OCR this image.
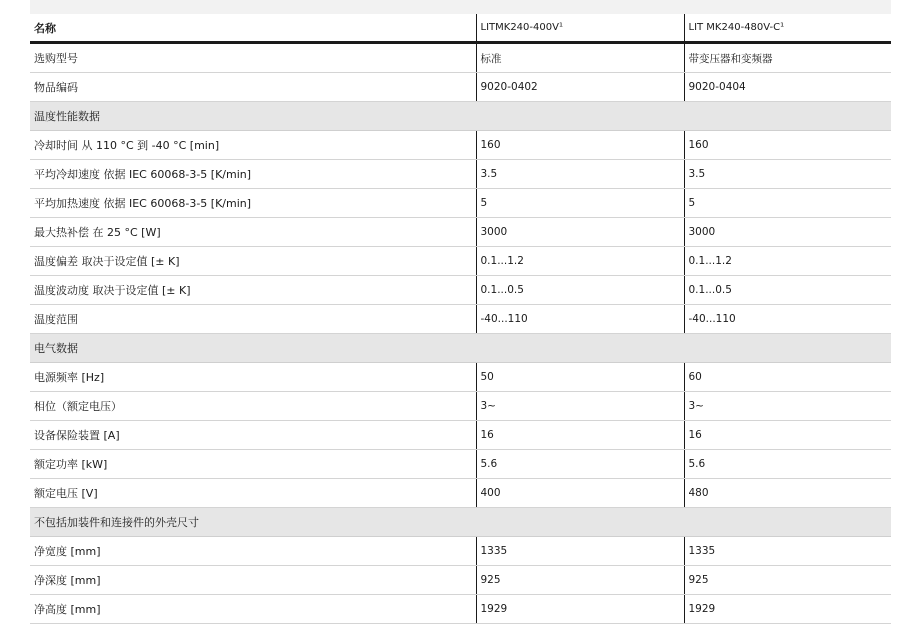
名称	LITMK240-400V¹	LIT MK240-480V-C¹
选购型号	标准	带变压器和变频器
物品编码	9020-0402	9020-0404
温度性能数据		
冷却时间 从 110 °C 到 -40 °C [min]	160	160
平均冷却速度 依据 IEC 60068-3-5 [K/min]	3.5	3.5
平均加热速度 依据 IEC 60068-3-5 [K/min]	5	5
最大热补偿 在 25 °C [W]	3000	3000
温度偏差 取决于设定值 [± K]	0.1...1.2	0.1...1.2
温度波动度 取决于设定值 [± K]	0.1...0.5	0.1...0.5
温度范围	-40...110	-40...110
电气数据		
电源频率 [Hz]	50	60
相位（额定电压）	3~	3~
设备保险装置 [A]	16	16
额定功率 [kW]	5.6	5.6
额定电压 [V]	400	480
不包括加装件和连接件的外壳尺寸		
净宽度 [mm]	1335	1335
净深度 [mm]	925	925
净高度 [mm]	1929	1929
